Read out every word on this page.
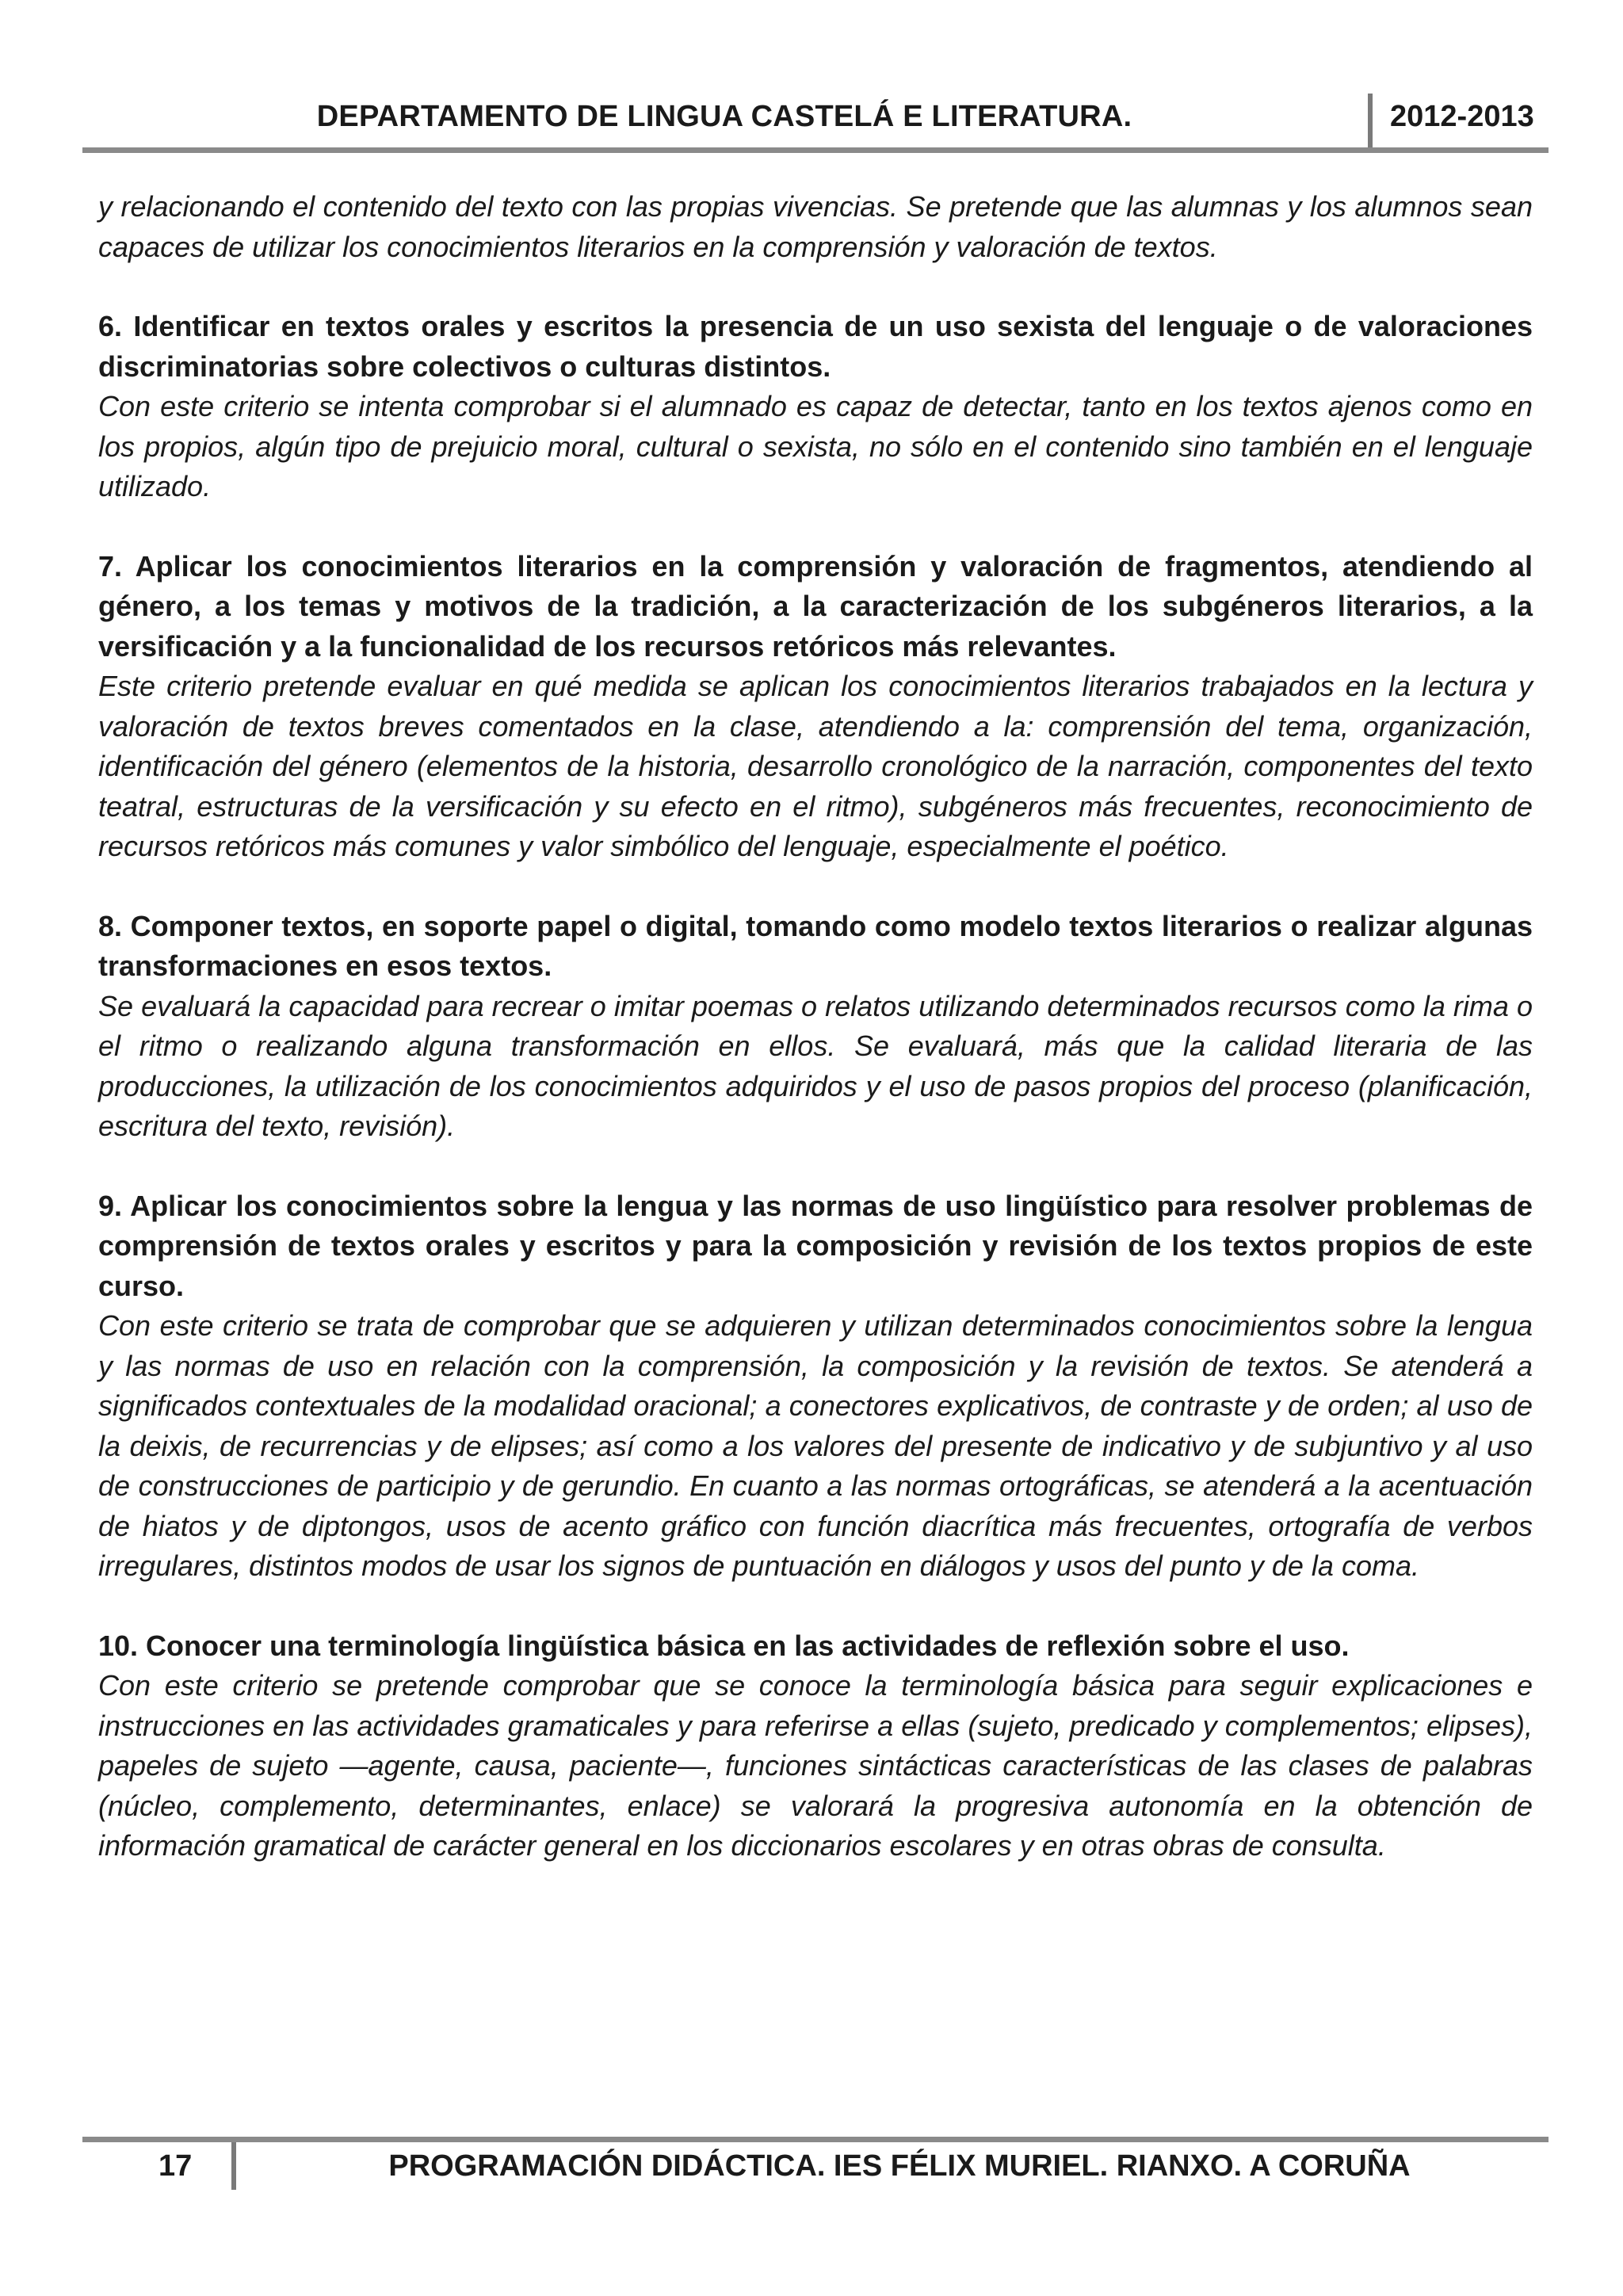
DEPARTAMENTO DE LINGUA CASTELÁ E LITERATURA.	2012-2013

y relacionando el contenido del texto con las propias vivencias. Se pretende que las alumnas y los alumnos sean capaces de utilizar los conocimientos literarios en la comprensión y valoración de textos.

6. Identificar en textos orales y escritos la presencia de un uso sexista del lenguaje o de valoraciones discriminatorias sobre colectivos o culturas distintos.

Con este criterio se intenta comprobar si el alumnado es capaz de detectar, tanto en los textos ajenos como en los propios, algún tipo de prejuicio moral, cultural o sexista, no sólo en el contenido sino también en el lenguaje utilizado.

7. Aplicar los conocimientos literarios en la comprensión y valoración de fragmentos, atendiendo al género, a los temas y motivos de la tradición, a la caracterización de los subgéneros literarios, a la versificación y a la funcionalidad de los recursos retóricos más relevantes.

Este criterio pretende evaluar en qué medida se aplican los conocimientos literarios trabajados en la lectura y valoración de textos breves comentados en la clase, atendiendo a la: comprensión del tema, organización, identificación del género (elementos de la historia, desarrollo cronológico de la narración, componentes del texto teatral, estructuras de la versificación y su efecto en el ritmo), subgéneros más frecuentes, reconocimiento de recursos retóricos más comunes y valor simbólico del lenguaje, especialmente el poético.

8. Componer textos, en soporte papel o digital, tomando como modelo textos literarios o realizar algunas transformaciones en esos textos.

Se evaluará la capacidad para recrear o imitar poemas o relatos utilizando determinados recursos como la rima o el ritmo o realizando alguna transformación en ellos. Se evaluará, más que la calidad literaria de las producciones, la utilización de los conocimientos adquiridos y el uso de pasos propios del proceso (planificación, escritura del texto, revisión).

9. Aplicar los conocimientos sobre la lengua y las normas de uso lingüístico para resolver problemas de comprensión de textos orales y escritos y para la composición y revisión de los textos propios de este curso.

Con este criterio se trata de comprobar que se adquieren y utilizan determinados conocimientos sobre la lengua y las normas de uso en relación con la comprensión, la composición y la revisión de textos. Se atenderá a significados contextuales de la modalidad oracional; a conectores explicativos, de contraste y de orden; al uso de la deixis, de recurrencias y de elipses; así como a los valores del presente de indicativo y de subjuntivo y al uso de construcciones de participio y de gerundio. En cuanto a las normas ortográficas, se atenderá a la acentuación de hiatos y de diptongos, usos de acento gráfico con función diacrítica más frecuentes, ortografía de verbos irregulares, distintos modos de usar los signos de puntuación en diálogos y usos del punto y de la coma.

10. Conocer una terminología lingüística básica en las actividades de reflexión sobre el uso.

Con este criterio se pretende comprobar que se conoce la terminología básica para seguir explicaciones e instrucciones en las actividades gramaticales y para referirse a ellas (sujeto, predicado y complementos; elipses), papeles de sujeto —agente, causa, paciente—, funciones sintácticas características de las clases de palabras (núcleo, complemento, determinantes, enlace) se valorará la progresiva autonomía en la obtención de información gramatical de carácter general en los diccionarios escolares y en otras obras de consulta.

17	PROGRAMACIÓN DIDÁCTICA. IES FÉLIX MURIEL. RIANXO. A CORUÑA
